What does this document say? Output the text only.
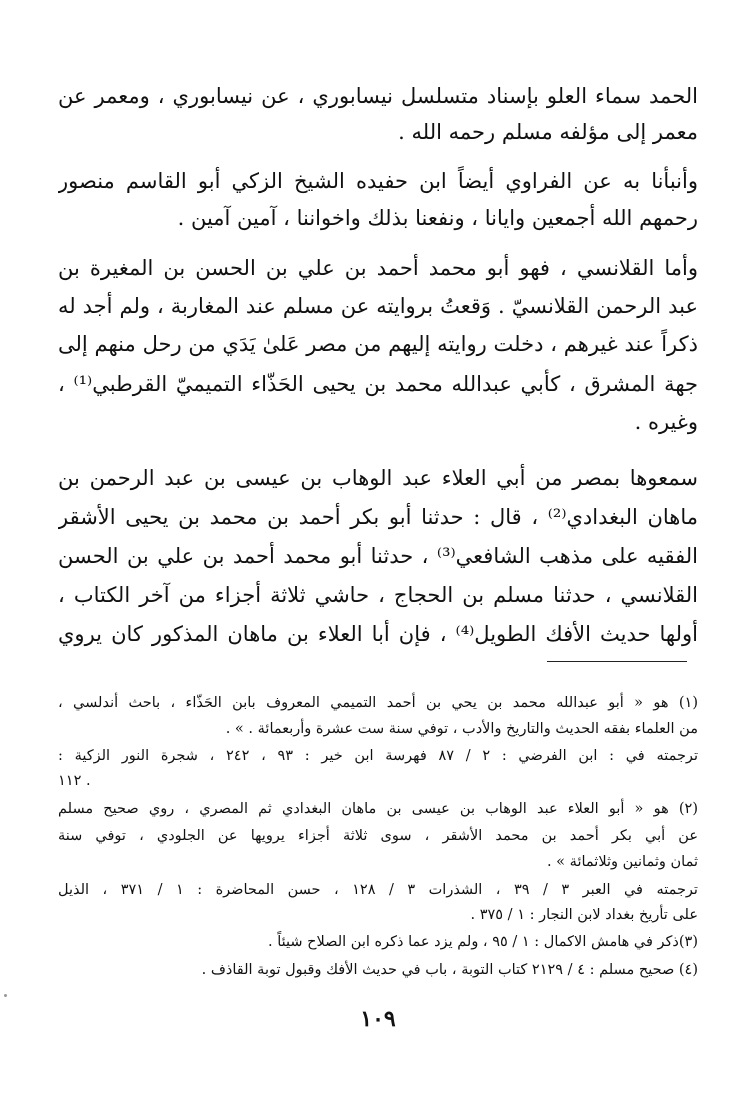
الحمد سماء العلو بإسناد متسلسل نيسابوري ، عن نيسابوري ، ومعمر عن
معمر إلى مؤلفه مسلم رحمه الله .
وأنبأنا به عن الفراوي أيضاً ابن حفيده الشيخ الزكي أبو القاسم منصور
رحمهم الله أجمعين وايانا ، ونفعنا بذلك واخواننا ، آمين آمين .
وأما القلانسي ، فهو أبو محمد أحمد بن علي بن الحسن بن المغيرة بن
عبد الرحمن القلانسيّ . وَقعتُ بروايته عن مسلم عند المغاربة ، ولم أجد له
ذكراً عند غيرهم ، دخلت روايته إليهم من مصر عَلىٰ يَدَي من رحل منهم إلى
جهة المشرق ، كأبي عبدالله محمد بن يحيى الحَذّاء التميميّ القرطبي⁽¹⁾ ،
وغيره .
سمعوها بمصر من أبي العلاء عبد الوهاب بن عيسى بن عبد الرحمن بن
ماهان البغدادي⁽²⁾ ، قال : حدثنا أبو بكر أحمد بن محمد بن يحيى الأشقر
الفقيه على مذهب الشافعي⁽³⁾ ، حدثنا أبو محمد أحمد بن علي بن الحسن
القلانسي ، حدثنا مسلم بن الحجاج ، حاشي ثلاثة أجزاء من آخر الكتاب ،
أولها حديث الأفك الطويل⁽⁴⁾ ، فإن أبا العلاء بن ماهان المذكور كان يروي
(١) هو « أبو عبدالله محمد بن يحي بن أحمد التميمي المعروف بابن الحَذّاء ، باحث أندلسي ،
من العلماء بفقه الحديث والتاريخ والأدب ، توفي سنة ست عشرة وأربعمائة . » .
ترجمته في : ابن الفرضي : ٢ / ٨٧ فهرسة ابن خير : ٩٣ ، ٢٤٢ ، شجرة النور الزكية :
١١٢ .
(٢) هو « أبو العلاء عبد الوهاب بن عيسى بن ماهان البغدادي ثم المصري ، روي صحيح مسلم
عن أبي بكر أحمد بن محمد الأشقر ، سوى ثلاثة أجزاء يرويها عن الجلودي ، توفي سنة
ثمان وثمانين وثلاثمائة » .
ترجمته في العبر ٣ / ٣٩ ، الشذرات ٣ / ١٢٨ ، حسن المحاضرة : ١ / ٣٧١ ، الذيل
على تأريخ بغداد لابن النجار : ١ / ٣٧٥ .
(٣)ذكر في هامش الاكمال : ١ / ٩٥ ، ولم يزد عما ذكره ابن الصلاح شيئاً .
(٤) صحيح مسلم : ٤ / ٢١٢٩ كتاب التوبة ، باب في حديث الأفك وقبول توبة القاذف .
١٠٩
